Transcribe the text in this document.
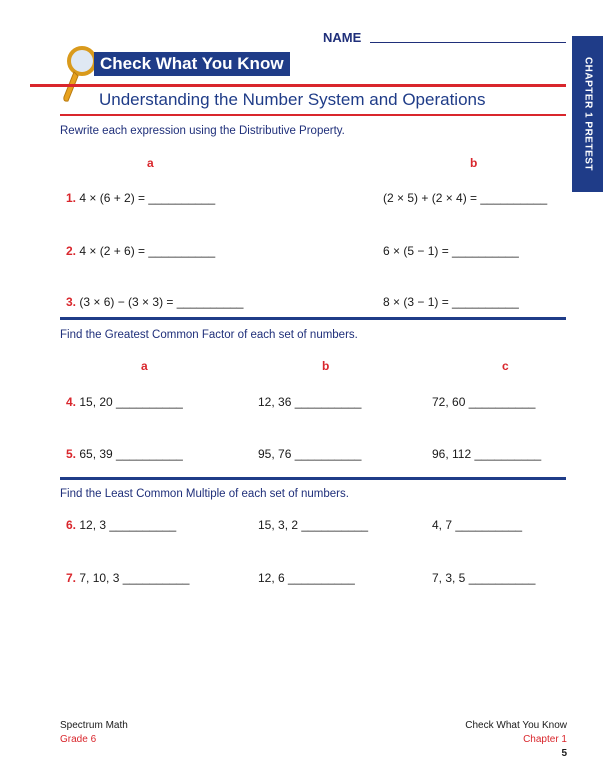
NAME
CHAPTER 1 PRETEST
Check What You Know
Understanding the Number System and Operations
Rewrite each expression using the Distributive Property.
a	b
1. 4 × (6 + 2) = __________	(2 × 5) + (2 × 4) = __________
2. 4 × (2 + 6) = __________	6 × (5 − 1) = __________
3. (3 × 6) − (3 × 3) = __________	8 × (3 − 1) = __________
Find the Greatest Common Factor of each set of numbers.
a	b	c
4. 15, 20 __________	12, 36 __________	72, 60 __________
5. 65, 39 __________	95, 76 __________	96, 112 __________
Find the Least Common Multiple of each set of numbers.
6. 12, 3 __________	15, 3, 2 __________	4, 7 __________
7. 7, 10, 3 __________	12, 6 __________	7, 3, 5 __________
Spectrum Math
Grade 6
Check What You Know
Chapter 1
5
